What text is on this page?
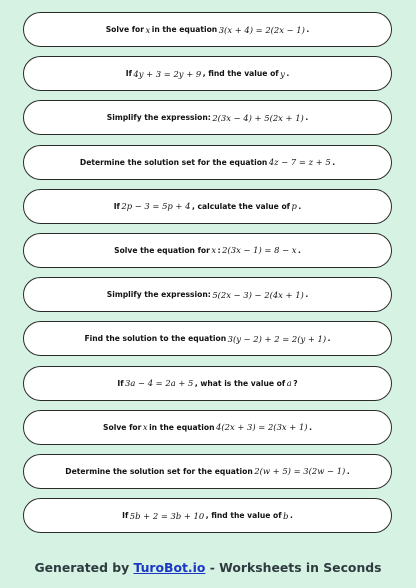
Solve for x in the equation 3(x + 4) = 2(2x − 1) .
If 4y + 3 = 2y + 9 , find the value of y .
Simplify the expression: 2(3x − 4) + 5(2x + 1) .
Determine the solution set for the equation 4z − 7 = z + 5 .
If 2p − 3 = 5p + 4 , calculate the value of p .
Solve the equation for x : 2(3x − 1) = 8 − x .
Simplify the expression: 5(2x − 3) − 2(4x + 1) .
Find the solution to the equation 3(y − 2) + 2 = 2(y + 1) .
If 3a − 4 = 2a + 5 , what is the value of a ?
Solve for x in the equation 4(2x + 3) = 2(3x + 1) .
Determine the solution set for the equation 2(w + 5) = 3(2w − 1) .
If 5b + 2 = 3b + 10 , find the value of b .
Generated by TuroBot.io - Worksheets in Seconds
